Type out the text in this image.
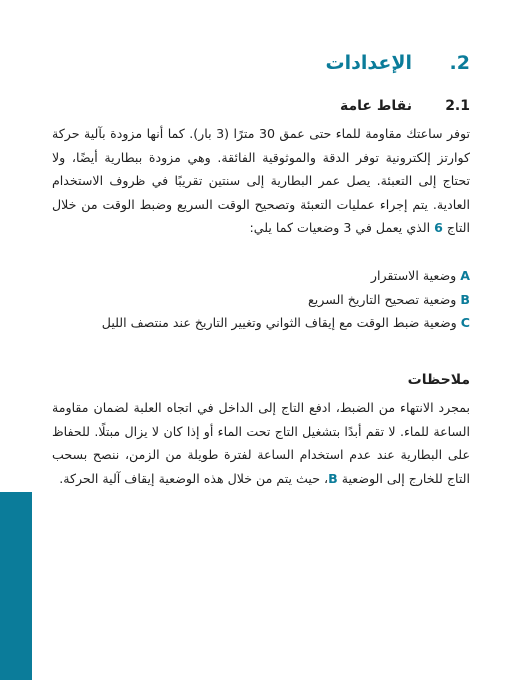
.2
الإعدادات
2.1
نقاط عامة

توفر ساعتك مقاومة للماء حتى عمق 30 مترًا (3 بار). كما أنها مزودة بآلية حركة كوارتز إلكترونية توفر الدقة والموثوقية الفائقة. وهي مزودة ببطارية أيضًا، ولا تحتاج إلى التعبئة. يصل عمر البطارية إلى سنتين تقريبًا في ظروف الاستخدام العادية. يتم إجراء عمليات التعبئة وتصحيح الوقت السريع وضبط الوقت من خلال التاج 6 الذي يعمل في 3 وضعيات كما يلي:

A وضعية الاستقرار
B وضعية تصحيح التاريخ السريع
C وضعية ضبط الوقت مع إيقاف الثواني وتغيير التاريخ عند منتصف الليل
ملاحظات

بمجرد الانتهاء من الضبط، ادفع التاج إلى الداخل في اتجاه العلبة لضمان مقاومة الساعة للماء. لا تقم أبدًا بتشغيل التاج تحت الماء أو إذا كان لا يزال مبتلًا. للحفاظ على البطارية عند عدم استخدام الساعة لفترة طويلة من الزمن، ننصح بسحب التاج للخارج إلى الوضعية B، حيث يتم من خلال هذه الوضعية إيقاف آلية الحركة.
